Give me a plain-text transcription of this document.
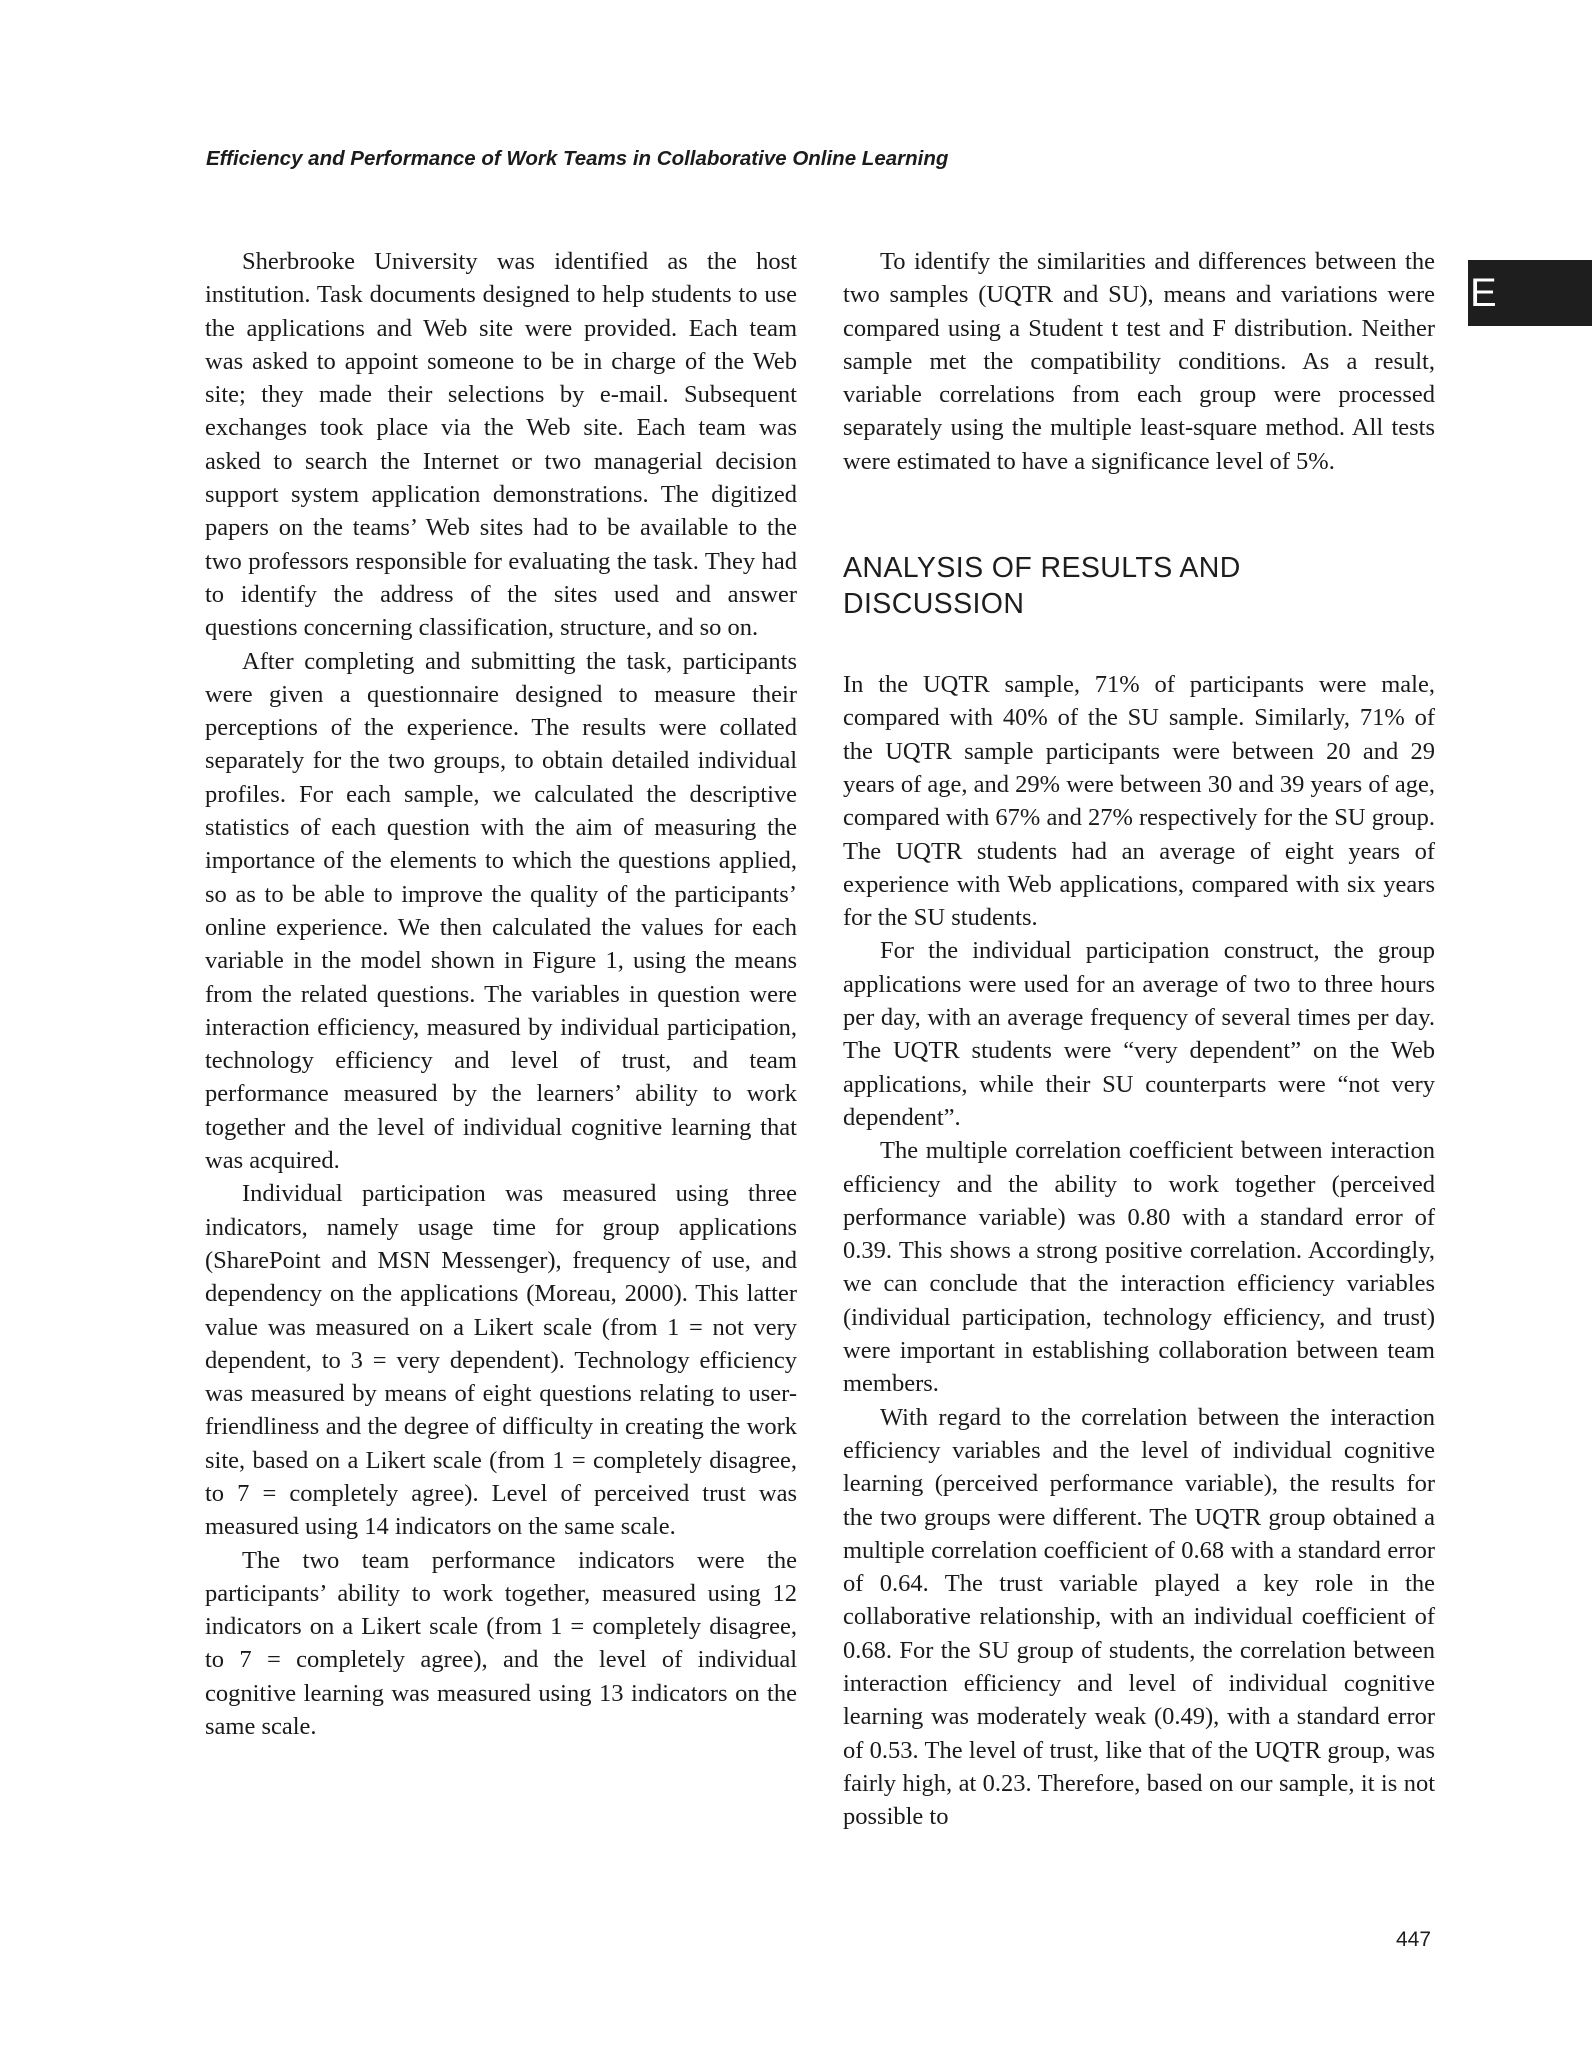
Efficiency and Performance of Work Teams in Collaborative Online Learning

E

Sherbrooke University was identified as the host institution. Task documents designed to help students to use the applications and Web site were provided. Each team was asked to appoint someone to be in charge of the Web site; they made their selections by e-mail. Subsequent exchanges took place via the Web site. Each team was asked to search the Internet or two managerial decision support system application demonstrations. The digitized papers on the teams’ Web sites had to be available to the two professors responsible for evaluating the task. They had to identify the address of the sites used and answer questions concerning classification, structure, and so on.

After completing and submitting the task, participants were given a questionnaire designed to measure their perceptions of the experience. The results were collated separately for the two groups, to obtain detailed individual profiles. For each sample, we calculated the descriptive statistics of each question with the aim of measuring the importance of the elements to which the questions applied, so as to be able to improve the quality of the participants’ online experience. We then calculated the values for each variable in the model shown in Figure 1, using the means from the related questions. The variables in question were interaction efficiency, measured by individual participation, technology efficiency and level of trust, and team performance measured by the learners’ ability to work together and the level of individual cognitive learning that was acquired.

Individual participation was measured using three indicators, namely usage time for group applications (SharePoint and MSN Messenger), frequency of use, and dependency on the applications (Moreau, 2000). This latter value was measured on a Likert scale (from 1 = not very dependent, to 3 = very dependent). Technology efficiency was measured by means of eight questions relating to user-friendliness and the degree of difficulty in creating the work site, based on a Likert scale (from 1 = completely disagree, to 7 = completely agree). Level of perceived trust was measured using 14 indicators on the same scale.

The two team performance indicators were the participants’ ability to work together, measured using 12 indicators on a Likert scale (from 1 = completely disagree, to 7 = completely agree), and the level of individual cognitive learning was measured using 13 indicators on the same scale.

To identify the similarities and differences between the two samples (UQTR and SU), means and variations were compared using a Student t test and F distribution. Neither sample met the compatibility conditions. As a result, variable correlations from each group were processed separately using the multiple least-square method. All tests were estimated to have a significance level of 5%.

ANALYSIS OF RESULTS AND
DISCUSSION

In the UQTR sample, 71% of participants were male, compared with 40% of the SU sample. Similarly, 71% of the UQTR sample participants were between 20 and 29 years of age, and 29% were between 30 and 39 years of age, compared with 67% and 27% respectively for the SU group. The UQTR students had an average of eight years of experience with Web applications, compared with six years for the SU students.

For the individual participation construct, the group applications were used for an average of two to three hours per day, with an average frequency of several times per day. The UQTR students were “very dependent” on the Web applications, while their SU counterparts were “not very dependent”.

The multiple correlation coefficient between interaction efficiency and the ability to work together (perceived performance variable) was 0.80 with a standard error of 0.39. This shows a strong positive correlation. Accordingly, we can conclude that the interaction efficiency variables (individual participation, technology efficiency, and trust) were important in establishing collaboration between team members.

With regard to the correlation between the interaction efficiency variables and the level of individual cognitive learning (perceived performance variable), the results for the two groups were different. The UQTR group obtained a multiple correlation coefficient of 0.68 with a standard error of 0.64. The trust variable played a key role in the collaborative relationship, with an individual coefficient of 0.68. For the SU group of students, the correlation between interaction efficiency and level of individual cognitive learning was moderately weak (0.49), with a standard error of 0.53. The level of trust, like that of the UQTR group, was fairly high, at 0.23. Therefore, based on our sample, it is not possible to

447
